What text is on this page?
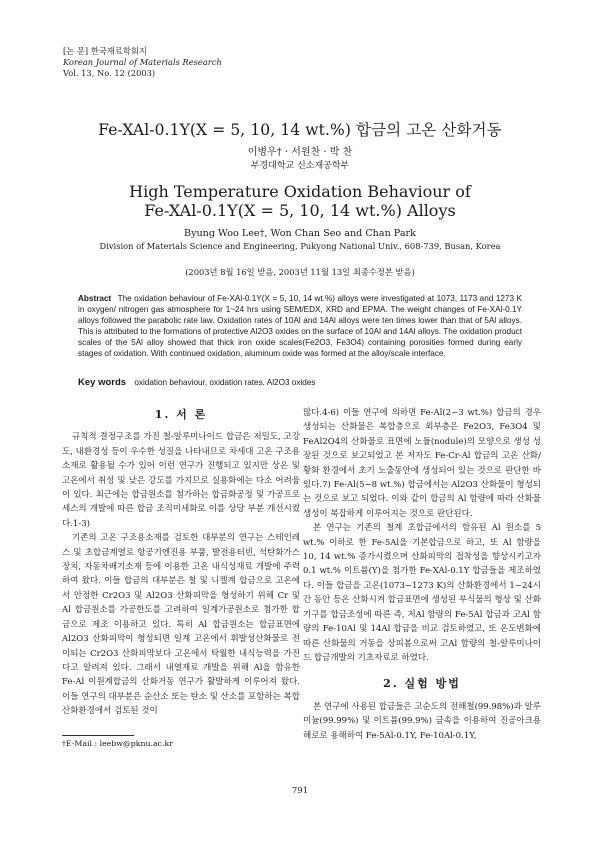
[논 문] 한국재료학회지
Korean Journal of Materials Research
Vol. 13, No. 12 (2003)
Fe-XAl-0.1Y(X = 5, 10, 14 wt.%) 합금의 고온 산화거동
이병우† · 서원찬 · 박 찬
부경대학교 신소재공학부
High Temperature Oxidation Behaviour of
Fe-XAl-0.1Y(X = 5, 10, 14 wt.%) Alloys
Byung Woo Lee†, Won Chan Seo and Chan Park
Division of Materials Science and Engineering, Pukyong National Univ., 608-739, Busan, Korea
(2003년 8월 16일 받음, 2003년 11월 13일 최종수정본 받음)
Abstract The oxidation behaviour of Fe-XAl-0.1Y(X = 5, 10, 14 wt.%) alloys were investigated at 1073, 1173 and 1273 K in oxygen/ nitrogen gas atmosphere for 1~24 hrs using SEM/EDX, XRD and EPMA. The weight changes of Fe-XAl-0.1Y alloys followed the parabolic rate law. Oxidation rates of 10Al and 14Al alloys were ten times lower than that of 5Al alloys. This is attributed to the formations of protective Al2O3 oxides on the surface of 10Al and 14Al alloys. The oxidation product scales of the 5Al alloy showed that thick iron oxide scales(Fe2O3, Fe3O4) containing porosities formed during early stages of oxidation. With continued oxidation, aluminum oxide was formed at the alloy/scale interface.
Key words oxidation behaviour, oxidation rates, Al2O3 oxides
1. 서 론

규칙적 결정구조를 가진 철-알루미나이드 합금은 저밀도, 고강도, 내환경성 등이 우수한 성질을 나타내므로 차세대 고온 구조용 소재로 활용될 수가 있어 이런 연구가 진행되고 있지만 상온 및 고온에서 취성 및 낮은 강도를 가지므로 실용화에는 다소 어려움이 있다. 최근에는 합금원소를 첨가하는 합금화공정 및 가공프로세스의 개발에 따른 합금 조직미세화로 이를 상당 부분 개선시켰다.1-3)

기존의 고온 구조용소재를 검토한 대부분의 연구는 스테인레스 및 초합금계열로 항공기엔진용 부품, 발전용터빈, 석탄화가스장치, 자동차배기소재 등에 이용한 고온 내식성재료 개발에 주력하여 왔다. 이들 합금의 대부분은 철 및 니켈계 합금으로 고온에서 안정한 Cr2O3 및 Al2O3 산화피막을 형성하기 위해 Cr 및 Al 합금원소를 가공한도를 고려하여 일계가공원소로 첨가한 합금으로 제조 이용하고 있다. 특히 Al 합금원소는 합금표면에 Al2O3 산화피막이 형성되면 일계 고온에서 휘발성산화물로 전이되는 Cr2O3 산화피막보다 고온에서 탁월한 내식능력을 가진다고 알려져 있다. 그래서 내열재료 개발을 위해 Al을 함유한 Fe-Al 이원계합금의 산화거동 연구가 활발하게 이루어져 왔다. 이들 연구의 대부분은 순산소 또는 탄소 및 산소를 포함하는 복합 산화환경에서 검토된 것이

많다.4-6) 이들 연구에 의하면 Fe-Al(2~3 wt.%) 합금의 경우 생성되는 산화물은 복합층으로 외부층은 Fe2O3, Fe3O4 및 FeAl2O4의 산화물로 표면에 노듈(nodule)의 모양으로 생성 성장된 것으로 보고되었고 본 저자도 Fe-Cr-Al 합금의 고온 산화/황화 환경에서 초기 노출동안에 생성되어 있는 것으로 판단한 바 있다.7) Fe-Al(5~8 wt.%) 합금에서는 Al2O3 산화물이 형성되는 것으로 보고 되었다. 이와 같이 합금의 Al 함량에 따라 산화물 생성이 복잡하게 이루어지는 것으로 판단된다.

본 연구는 기존의 철계 초합금에서의 함유된 Al 원소를 5 wt.% 이하로 한 Fe-5Al을 기본합금으로 하고, 또 Al 함량을 10, 14 wt.% 증가시켰으며 산화피막의 접착성을 향상시키고자 0.1 wt.% 이트륨(Y)을 첨가한 Fe-XAl-0.1Y 합금들을 제조하였다. 이들 합금을 고온(1073~1273 K)의 산화환경에서 1~24시간 동안 등온 산화시켜 합금표면에 생성된 부식물의 형상 및 산화기구를 합금조성에 따른 즉, 저Al 함량의 Fe-5Al 합금과 고Al 함량의 Fe-10Al 및 14Al 합금을 비교 검토하였고, 또 온도변화에 따른 산화물의 거동을 상피봄으로써 고Al 함량의 철-알루미나이드 합금개발의 기초자료로 하였다.

2. 실험 방법

본 연구에 사용된 합금들은 고순도의 전해철(99.98%)과 알루미늄(99.99%) 및 이트륨(99.9%) 금속을 이용하여 진공아크용해로로 용해하여 Fe-5Al-0.1Y, Fe-10Al-0.1Y,

†E-Mail : leebw@pknu.ac.kr
791
